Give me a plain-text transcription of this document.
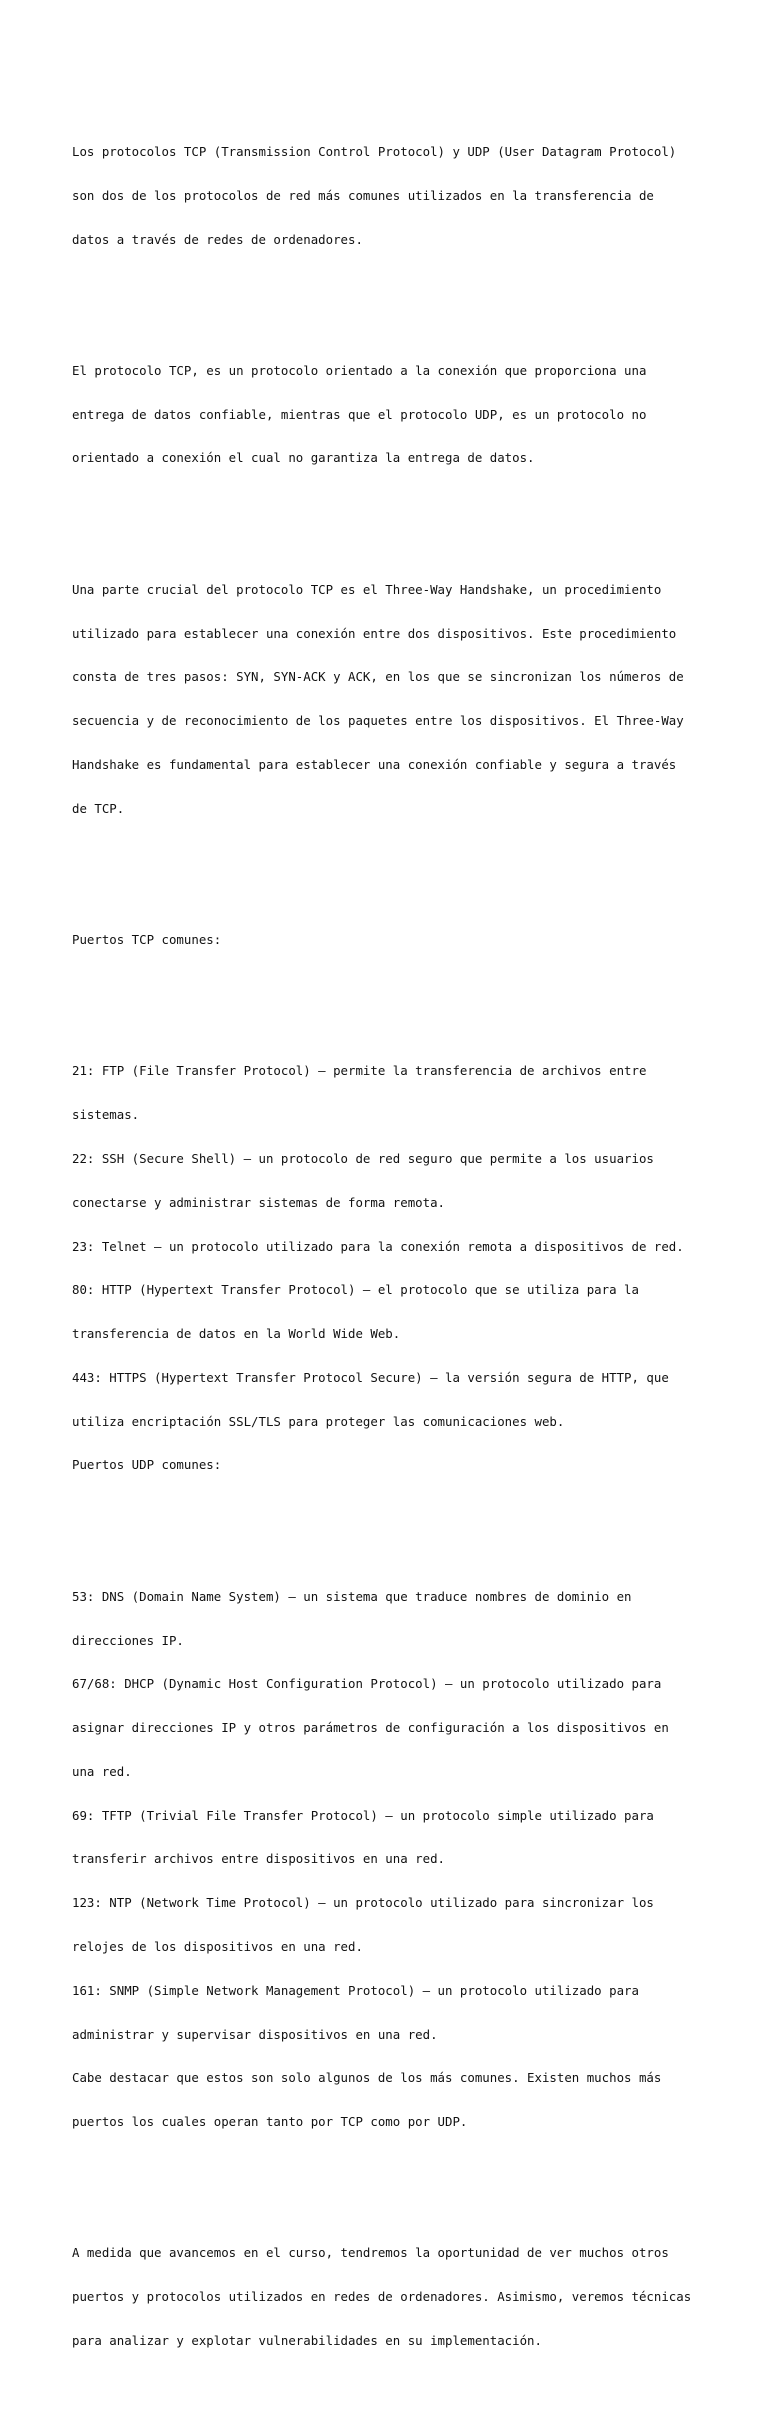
Los protocolos TCP (Transmission Control Protocol) y UDP (User Datagram Protocol)

son dos de los protocolos de red más comunes utilizados en la transferencia de

datos a través de redes de ordenadores.

El protocolo TCP, es un protocolo orientado a la conexión que proporciona una

entrega de datos confiable, mientras que el protocolo UDP, es un protocolo no

orientado a conexión el cual no garantiza la entrega de datos.

Una parte crucial del protocolo TCP es el Three-Way Handshake, un procedimiento

utilizado para establecer una conexión entre dos dispositivos. Este procedimiento

consta de tres pasos: SYN, SYN-ACK y ACK, en los que se sincronizan los números de

secuencia y de reconocimiento de los paquetes entre los dispositivos. El Three-Way

Handshake es fundamental para establecer una conexión confiable y segura a través

de TCP.

Puertos TCP comunes:

21: FTP (File Transfer Protocol) – permite la transferencia de archivos entre

sistemas.

22: SSH (Secure Shell) – un protocolo de red seguro que permite a los usuarios

conectarse y administrar sistemas de forma remota.

23: Telnet – un protocolo utilizado para la conexión remota a dispositivos de red.

80: HTTP (Hypertext Transfer Protocol) – el protocolo que se utiliza para la

transferencia de datos en la World Wide Web.

443: HTTPS (Hypertext Transfer Protocol Secure) – la versión segura de HTTP, que

utiliza encriptación SSL/TLS para proteger las comunicaciones web.

Puertos UDP comunes:

53: DNS (Domain Name System) – un sistema que traduce nombres de dominio en

direcciones IP.

67/68: DHCP (Dynamic Host Configuration Protocol) – un protocolo utilizado para

asignar direcciones IP y otros parámetros de configuración a los dispositivos en

una red.

69: TFTP (Trivial File Transfer Protocol) – un protocolo simple utilizado para

transferir archivos entre dispositivos en una red.

123: NTP (Network Time Protocol) – un protocolo utilizado para sincronizar los

relojes de los dispositivos en una red.

161: SNMP (Simple Network Management Protocol) – un protocolo utilizado para

administrar y supervisar dispositivos en una red.

Cabe destacar que estos son solo algunos de los más comunes. Existen muchos más

puertos los cuales operan tanto por TCP como por UDP.

A medida que avancemos en el curso, tendremos la oportunidad de ver muchos otros

puertos y protocolos utilizados en redes de ordenadores. Asimismo, veremos técnicas

para analizar y explotar vulnerabilidades en su implementación.
